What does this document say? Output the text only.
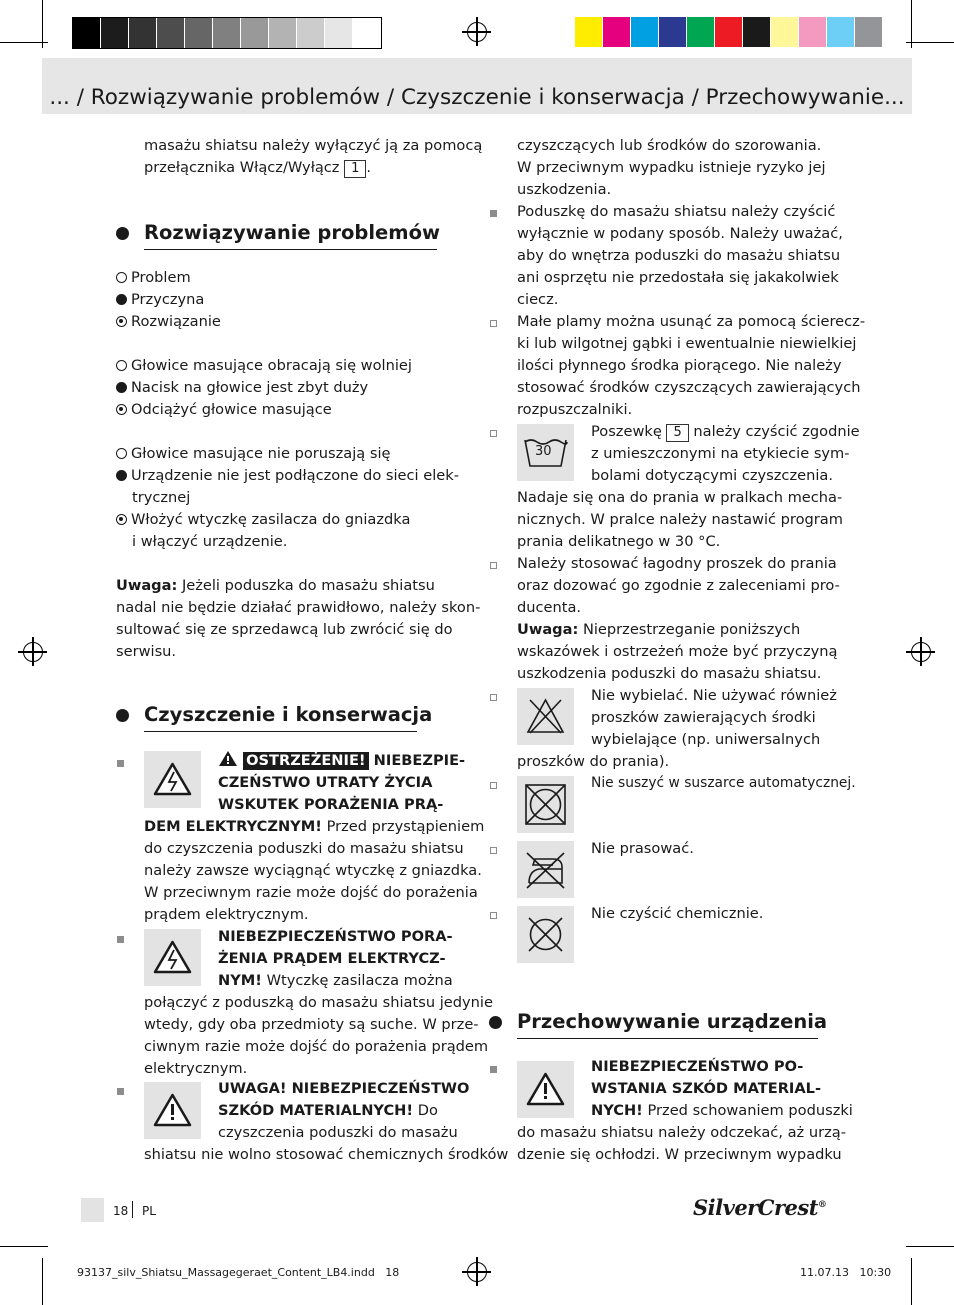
... / Rozwiązywanie problemów / Czyszczenie i konserwacja / Przechowywanie...
masażu shiatsu należy wyłączyć ją za pomocą
przełącznika Włącz/Wyłącz 1 .
Rozwiązywanie problemów
Problem
Przyczyna
Rozwiązanie
Głowice masujące obracają się wolniej
Nacisk na głowice jest zbyt duży
Odciążyć głowice masujące
Głowice masujące nie poruszają się
Urządzenie nie jest podłączone do sieci elek-
trycznej
Włożyć wtyczkę zasilacza do gniazdka
i włączyć urządzenie.
Uwaga: Jeżeli poduszka do masażu shiatsu
nadal nie będzie działać prawidłowo, należy skon-
sultować się ze sprzedawcą lub zwrócić się do
serwisu.
Czyszczenie i konserwacja
OSTRZEŻENIE! NIEBEZPIE-
CZEŃSTWO UTRATY ŻYCIA
WSKUTEK PORAŻENIA PRĄ-
DEM ELEKTRYCZNYM! Przed przystąpieniem
do czyszczenia poduszki do masażu shiatsu
należy zawsze wyciągnąć wtyczkę z gniazdka.
W przeciwnym razie może dojść do porażenia
prądem elektrycznym.
NIEBEZPIECZEŃSTWO PORA-
ŻENIA PRĄDEM ELEKTRYCZ-
NYM! Wtyczkę zasilacza można
połączyć z poduszką do masażu shiatsu jedynie
wtedy, gdy oba przedmioty są suche. W prze-
ciwnym razie może dojść do porażenia prądem
elektrycznym.
UWAGA! NIEBEZPIECZEŃSTWO
SZKÓD MATERIALNYCH! Do
czyszczenia poduszki do masażu
shiatsu nie wolno stosować chemicznych środków
czyszczących lub środków do szorowania.
W przeciwnym wypadku istnieje ryzyko jej
uszkodzenia.
Poduszkę do masażu shiatsu należy czyścić
wyłącznie w podany sposób. Należy uważać,
aby do wnętrza poduszki do masażu shiatsu
ani osprzętu nie przedostała się jakakolwiek
ciecz.
Małe plamy można usunąć za pomocą ścierecz-
ki lub wilgotnej gąbki i ewentualnie niewielkiej
ilości płynnego środka piorącego. Nie należy
stosować środków czyszczących zawierających
rozpuszczalniki.
30
Poszewkę 5 należy czyścić zgodnie
z umieszczonymi na etykiecie sym-
bolami dotyczącymi czyszczenia.
Nadaje się ona do prania w pralkach mecha-
nicznych. W pralce należy nastawić program
prania delikatnego w 30 °C.
Należy stosować łagodny proszek do prania
oraz dozować go zgodnie z zaleceniami pro-
ducenta.
Uwaga: Nieprzestrzeganie poniższych
wskazówek i ostrzeżeń może być przyczyną
uszkodzenia poduszki do masażu shiatsu.
Nie wybielać. Nie używać również
proszków zawierających środki
wybielające (np. uniwersalnych
proszków do prania).
Nie suszyć w suszarce automatycznej.
Nie prasować.
Nie czyścić chemicznie.
Przechowywanie urządzenia
NIEBEZPIECZEŃSTWO PO-
WSTANIA SZKÓD MATERIAL-
NYCH! Przed schowaniem poduszki
do masażu shiatsu należy odczekać, aż urzą-
dzenie się ochłodzi. W przeciwnym wypadku
18 PL	SilverCrest®
93137_silv_Shiatsu_Massagegeraet_Content_LB4.indd   18	11.07.13   10:30
